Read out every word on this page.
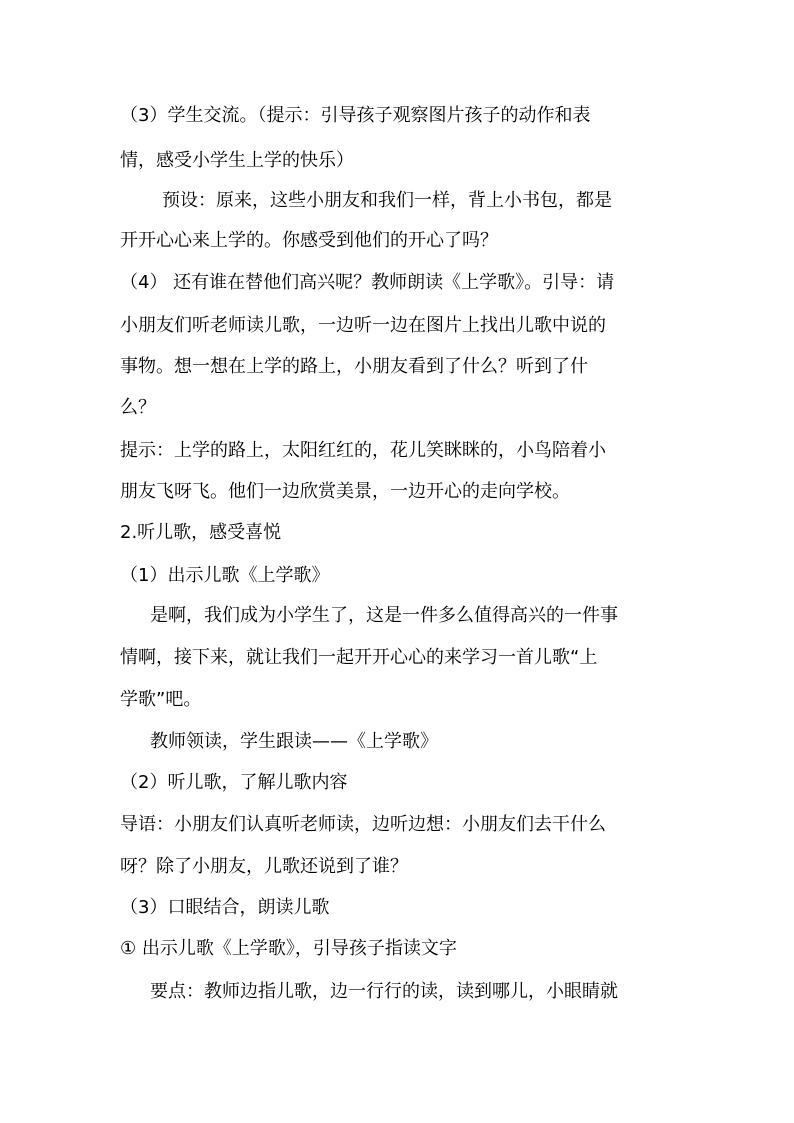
（3）学生交流。（提示：引导孩子观察图片孩子的动作和表

情，感受小学生上学的快乐）

预设：原来，这些小朋友和我们一样，背上小书包，都是

开开心心来上学的。你感受到他们的开心了吗？

（4） 还有谁在替他们高兴呢？教师朗读《上学歌》。引导：请

小朋友们听老师读儿歌，一边听一边在图片上找出儿歌中说的

事物。想一想在上学的路上，小朋友看到了什么？听到了什

么？

提示：上学的路上，太阳红红的，花儿笑眯眯的，小鸟陪着小

朋友飞呀飞。他们一边欣赏美景，一边开心的走向学校。

2.听儿歌，感受喜悦

（1）出示儿歌《上学歌》

是啊，我们成为小学生了，这是一件多么值得高兴的一件事

情啊，接下来，就让我们一起开开心心的来学习一首儿歌“上

学歌”吧。

教师领读，学生跟读——《上学歌》

（2）听儿歌，了解儿歌内容

导语：小朋友们认真听老师读，边听边想：小朋友们去干什么

呀？除了小朋友，儿歌还说到了谁？

（3）口眼结合，朗读儿歌

① 出示儿歌《上学歌》，引导孩子指读文字

要点：教师边指儿歌，边一行行的读，读到哪儿，小眼睛就
